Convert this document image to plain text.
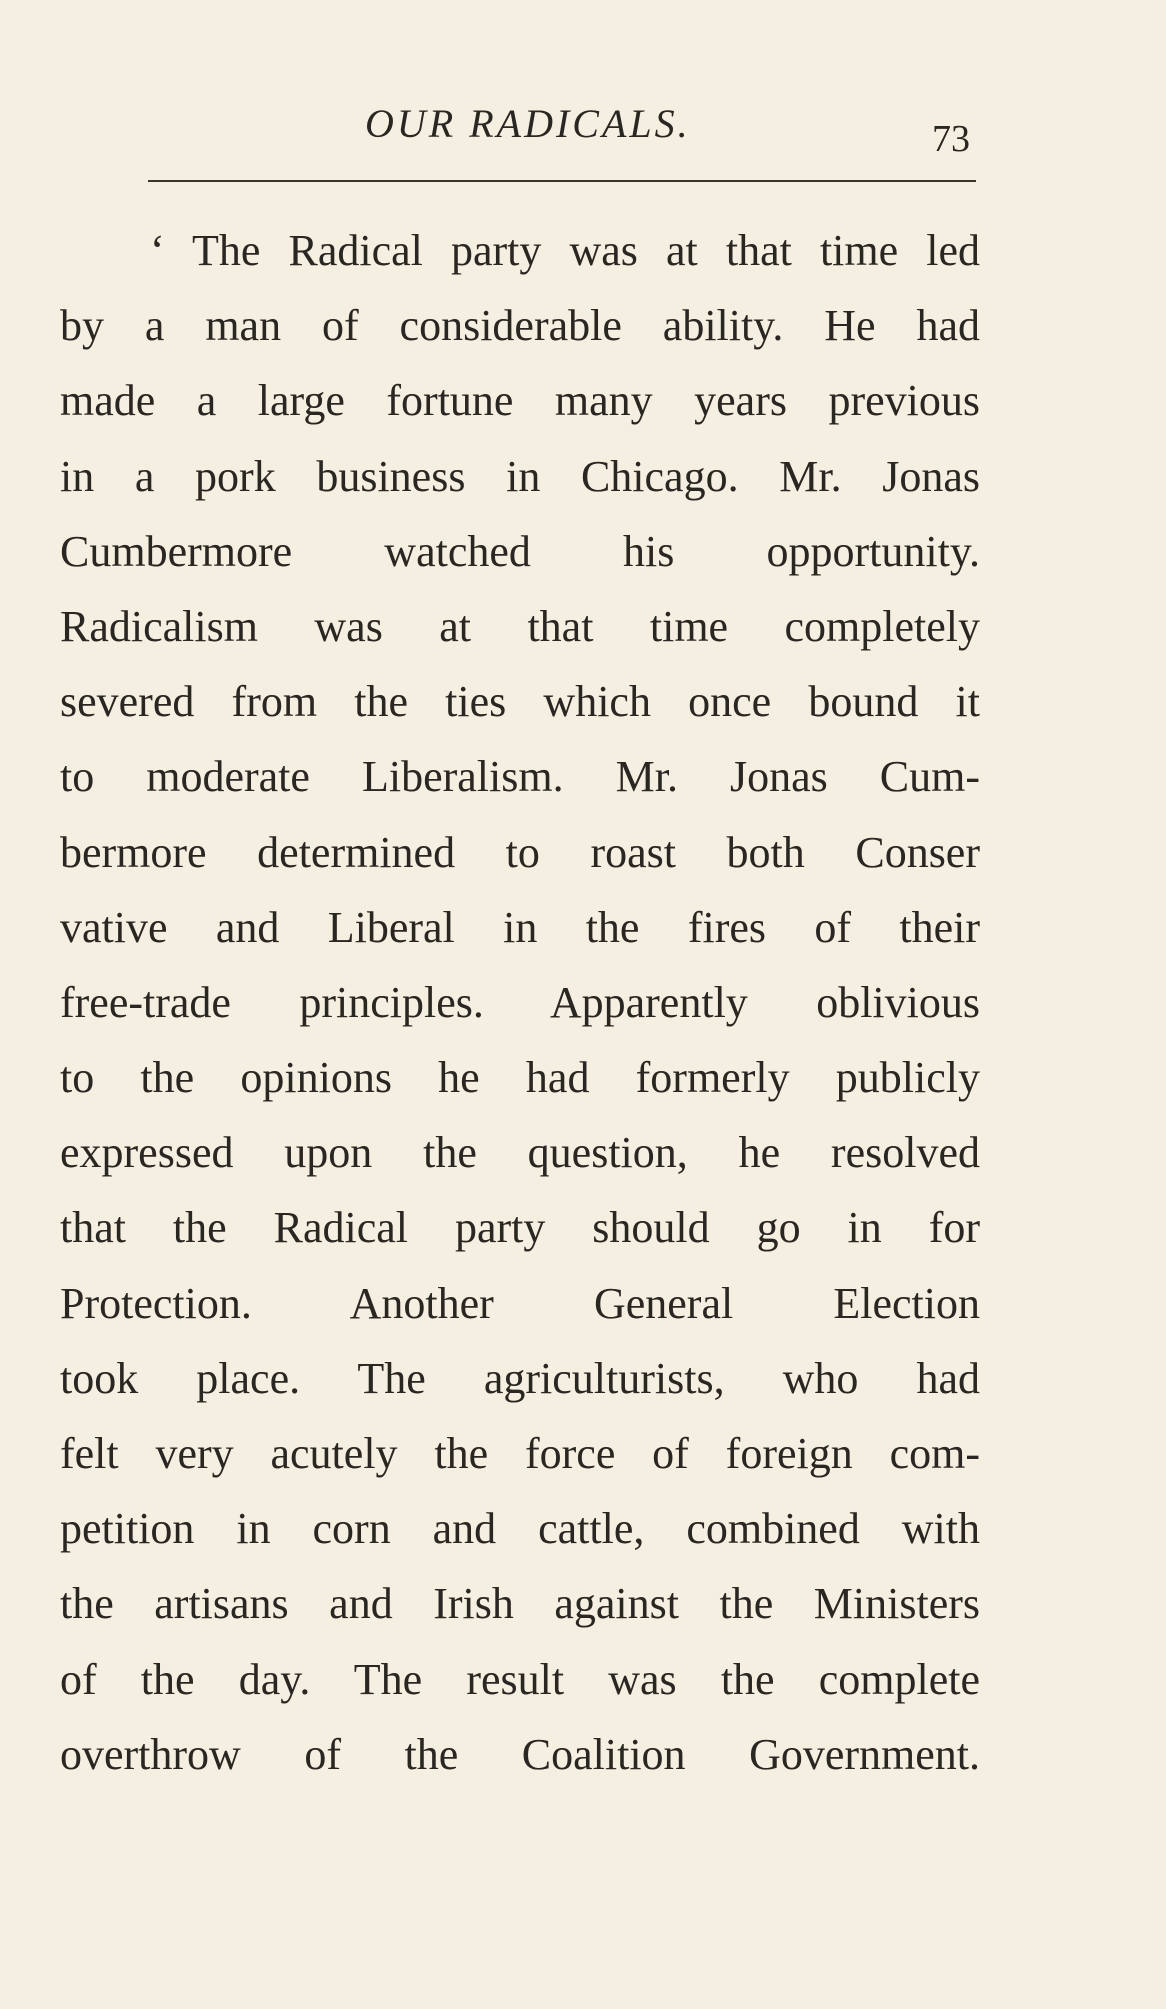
OUR RADICALS.	73
‘ The Radical party was at that time led
by a man of considerable ability. He had
made a large fortune many years previous
in a pork business in Chicago. Mr. Jonas
Cumbermore watched his opportunity.
Radicalism was at that time completely
severed from the ties which once bound it
to moderate Liberalism. Mr. Jonas Cum-
bermore determined to roast both Conser
vative and Liberal in the fires of their
free-trade principles. Apparently oblivious
to the opinions he had formerly publicly
expressed upon the question, he resolved
that the Radical party should go in for
Protection. Another General Election
took place. The agriculturists, who had
felt very acutely the force of foreign com-
petition in corn and cattle, combined with
the artisans and Irish against the Ministers
of the day. The result was the complete
overthrow of the Coalition Government.
